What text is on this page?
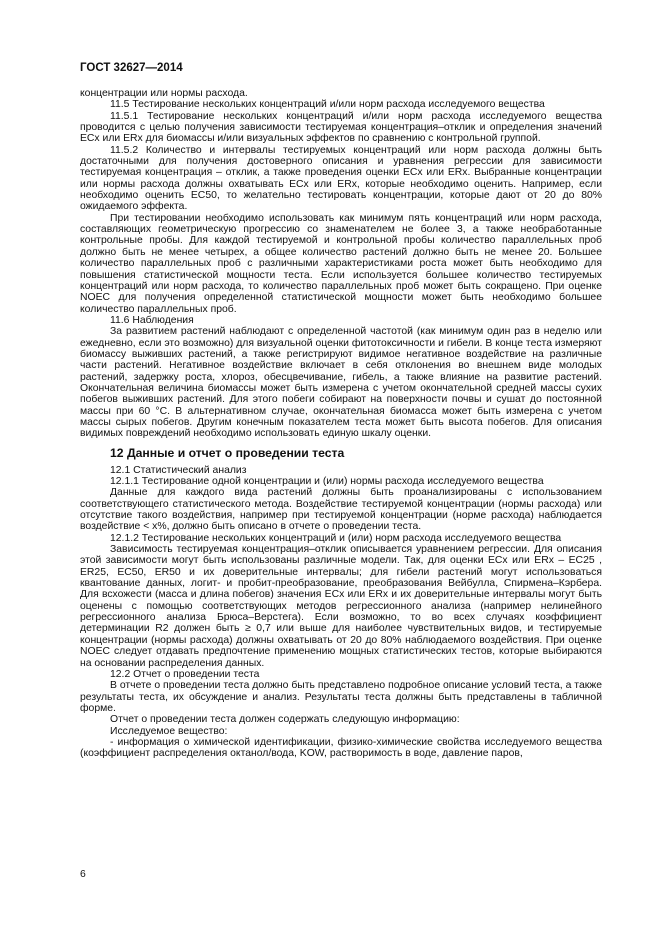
ГОСТ 32627—2014

концентрации или нормы расхода.

11.5 Тестирование нескольких концентраций и/или норм расхода исследуемого вещества

11.5.1 Тестирование нескольких концентраций и/или норм расхода исследуемого вещества проводится с целью получения зависимости тестируемая концентрация–отклик и определения значений ECx или ERx для биомассы и/или визуальных эффектов по сравнению с контрольной группой.

11.5.2 Количество и интервалы тестируемых концентраций или норм расхода должны быть достаточными для получения достоверного описания и уравнения регрессии для зависимости тестируемая концентрация – отклик, а также проведения оценки ECx или ERx. Выбранные концентрации или нормы расхода должны охватывать ECx или ERx, которые необходимо оценить. Например, если необходимо оценить EC50, то желательно тестировать концентрации, которые дают от 20 до 80% ожидаемого эффекта.

При тестировании необходимо использовать как минимум пять концентраций или норм расхода, составляющих геометрическую прогрессию со знаменателем не более 3, а также необработанные контрольные пробы. Для каждой тестируемой и контрольной пробы количество параллельных проб должно быть не менее четырех, а общее количество растений должно быть не менее 20. Большее количество параллельных проб с различными характеристиками роста может быть необходимо для повышения статистической мощности теста. Если используется большее количество тестируемых концентраций или норм расхода, то количество параллельных проб может быть сокращено. При оценке NOEC для получения определенной статистической мощности может быть необходимо большее количество параллельных проб.

11.6 Наблюдения

За развитием растений наблюдают с определенной частотой (как минимум один раз в неделю или ежедневно, если это возможно) для визуальной оценки фитотоксичности и гибели. В конце теста измеряют биомассу выживших растений, а также регистрируют видимое негативное воздействие на различные части растений. Негативное воздействие включает в себя отклонения во внешнем виде молодых растений, задержку роста, хлороз, обесцвечивание, гибель, а также влияние на развитие растений. Окончательная величина биомассы может быть измерена с учетом окончательной средней массы сухих побегов выживших растений. Для этого побеги собирают на поверхности почвы и сушат до постоянной массы при 60 °С. В альтернативном случае, окончательная биомасса может быть измерена с учетом массы сырых побегов. Другим конечным показателем теста может быть высота побегов. Для описания видимых повреждений необходимо использовать единую шкалу оценки.

12 Данные и отчет о проведении теста

12.1 Статистический анализ

12.1.1 Тестирование одной концентрации и (или) нормы расхода исследуемого вещества

Данные для каждого вида растений должны быть проанализированы с использованием соответствующего статистического метода. Воздействие тестируемой концентрации (нормы расхода) или отсутствие такого воздействия, например при тестируемой концентрации (норме расхода) наблюдается воздействие < x%, должно быть описано в отчете о проведении теста.

12.1.2 Тестирование нескольких концентраций и (или) норм расхода исследуемого вещества

Зависимость тестируемая концентрация–отклик описывается уравнением регрессии. Для описания этой зависимости могут быть использованы различные модели. Так, для оценки ECx или ERx – EC25 , ER25, EC50, ER50 и их доверительные интервалы; для гибели растений могут использоваться квантование данных, логит- и пробит-преобразование, преобразования Вейбулла, Спирмена–Кэрбера. Для всхожести (масса и длина побегов) значения ECx или ERx и их доверительные интервалы могут быть оценены с помощью соответствующих методов регрессионного анализа (например нелинейного регрессионного анализа Брюса–Верстега). Если возможно, то во всех случаях коэффициент детерминации R2 должен быть ≥ 0,7 или выше для наиболее чувствительных видов, и тестируемые концентрации (нормы расхода) должны охватывать от 20 до 80% наблюдаемого воздействия. При оценке NOEC следует отдавать предпочтение применению мощных статистических тестов, которые выбираются на основании распределения данных.

12.2 Отчет о проведении теста

В отчете о проведении теста должно быть представлено подробное описание условий теста, а также результаты теста, их обсуждение и анализ. Результаты теста должны быть представлены в табличной форме.

Отчет о проведении теста должен содержать следующую информацию:

Исследуемое вещество:

- информация о химической идентификации, физико-химические свойства исследуемого вещества (коэффициент распределения октанол/вода, KOW, растворимость в воде, давление паров,

6
